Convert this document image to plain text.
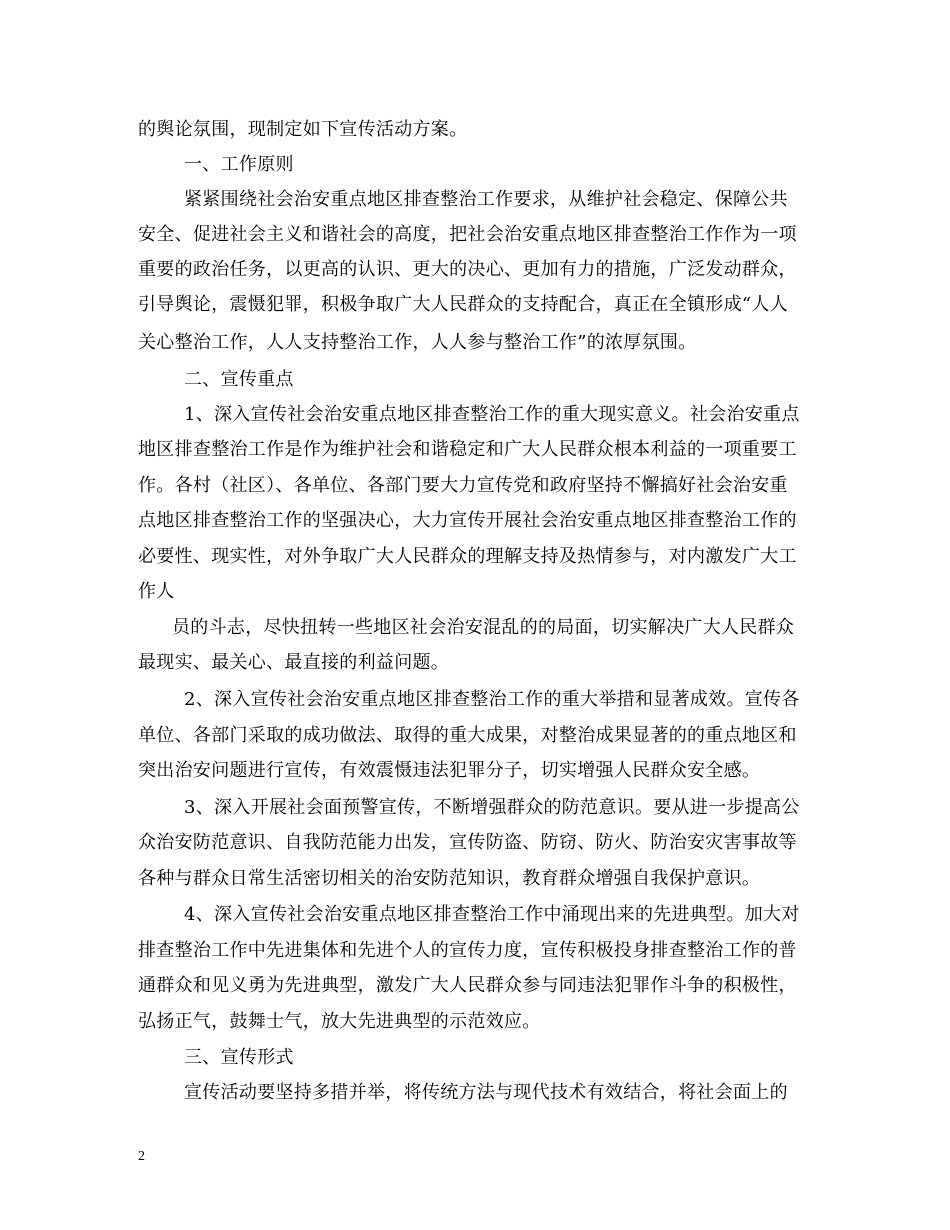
的舆论氛围，现制定如下宣传活动方案。
一、工作原则
紧紧围绕社会治安重点地区排查整治工作要求，从维护社会稳定、保障公共
安全、促进社会主义和谐社会的高度，把社会治安重点地区排查整治工作作为一项
重要的政治任务，以更高的认识、更大的决心、更加有力的措施，广泛发动群众，
引导舆论，震慑犯罪，积极争取广大人民群众的支持配合，真正在全镇形成“人人
关心整治工作，人人支持整治工作，人人参与整治工作”的浓厚氛围。
二、宣传重点
1、深入宣传社会治安重点地区排查整治工作的重大现实意义。社会治安重点
地区排查整治工作是作为维护社会和谐稳定和广大人民群众根本利益的一项重要工
作。各村（社区）、各单位、各部门要大力宣传党和政府坚持不懈搞好社会治安重
点地区排查整治工作的坚强决心，大力宣传开展社会治安重点地区排查整治工作的
必要性、现实性，对外争取广大人民群众的理解支持及热情参与，对内激发广大工
作人
员的斗志，尽快扭转一些地区社会治安混乱的的局面，切实解决广大人民群众
最现实、最关心、最直接的利益问题。
2、深入宣传社会治安重点地区排查整治工作的重大举措和显著成效。宣传各
单位、各部门采取的成功做法、取得的重大成果，对整治成果显著的的重点地区和
突出治安问题进行宣传，有效震慑违法犯罪分子，切实增强人民群众安全感。
3、深入开展社会面预警宣传，不断增强群众的防范意识。要从进一步提高公
众治安防范意识、自我防范能力出发，宣传防盗、防窃、防火、防治安灾害事故等
各种与群众日常生活密切相关的治安防范知识，教育群众增强自我保护意识。
4、深入宣传社会治安重点地区排查整治工作中涌现出来的先进典型。加大对
排查整治工作中先进集体和先进个人的宣传力度，宣传积极投身排查整治工作的普
通群众和见义勇为先进典型，激发广大人民群众参与同违法犯罪作斗争的积极性，
弘扬正气，鼓舞士气，放大先进典型的示范效应。
三、宣传形式
宣传活动要坚持多措并举，将传统方法与现代技术有效结合，将社会面上的
2
